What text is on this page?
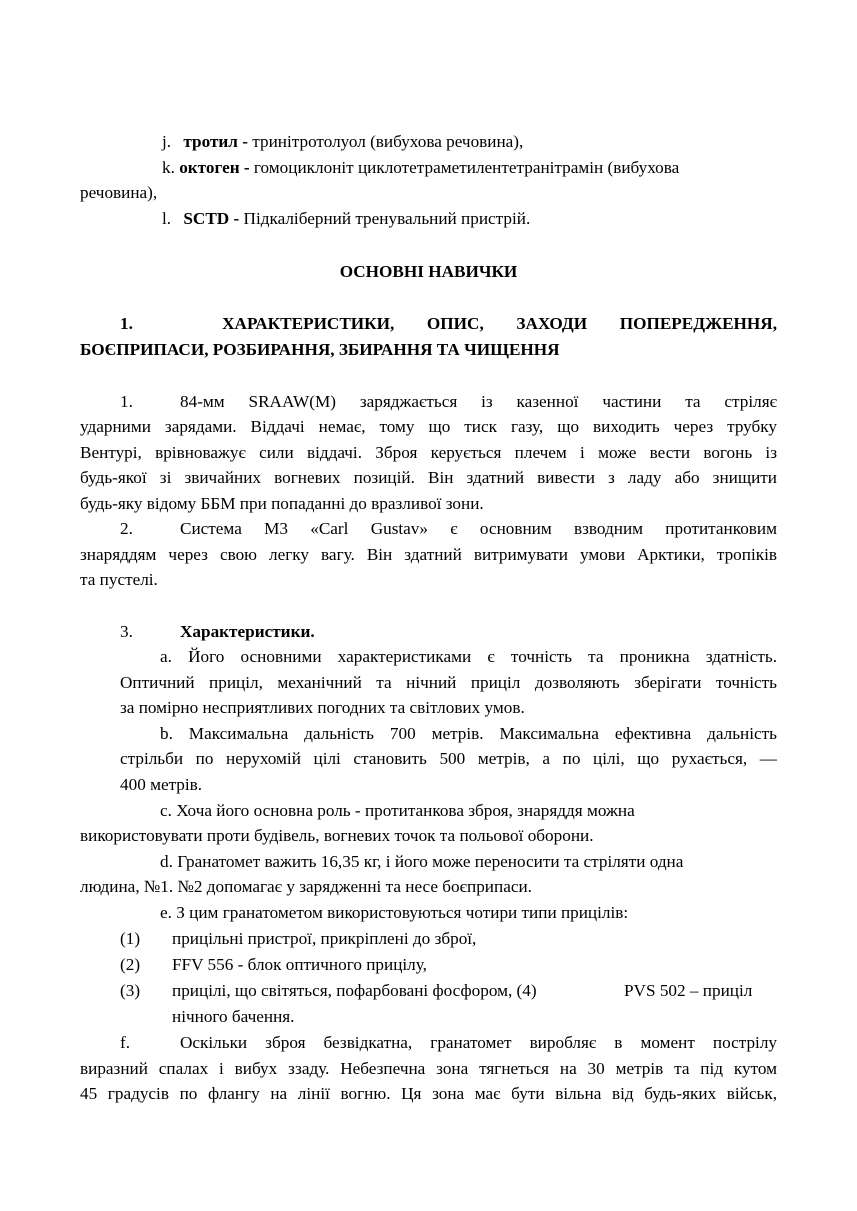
j. тротил - тринітротолуол (вибухова речовина),
k. октоген - гомоциклоніт циклотетраметилентетранітрамін (вибухова
речовина),
l. SCTD - Підкаліберний тренувальний пристрій.
ОСНОВНІ НАВИЧКИ
1.	ХАРАКТЕРИСТИКИ, ОПИС, ЗАХОДИ ПОПЕРЕДЖЕННЯ,
БОЄПРИПАСИ, РОЗБИРАННЯ, ЗБИРАННЯ ТА ЧИЩЕННЯ
1.	84-мм SRAAW(M) заряджається із казенної частини та стріляє
ударними зарядами. Віддачі немає, тому що тиск газу, що виходить через трубку
Вентурі, врівноважує сили віддачі. Зброя керується плечем і може вести вогонь із
будь-якої зі звичайних вогневих позицій. Він здатний вивести з ладу або знищити
будь-яку відому ББМ при попаданні до вразливої зони.
2.	Система М3 «Carl Gustav» є основним взводним протитанковим
знаряддям через свою легку вагу. Він здатний витримувати умови Арктики, тропіків
та пустелі.
3.	Характеристики.
a. Його основними характеристиками є точність та проникна здатність.
Оптичний приціл, механічний та нічний приціл дозволяють зберігати точність
за помірно несприятливих погодних та світлових умов.
b. Максимальна дальність 700 метрів. Максимальна ефективна дальність
стрільби по нерухомій цілі становить 500 метрів, а по цілі, що рухається, —
400 метрів.
c. Хоча його основна роль - протитанкова зброя, знаряддя можна
використовувати проти будівель, вогневих точок та польової оборони.
d. Гранатомет важить 16,35 кг, і його може переносити та стріляти одна
людина, №1. №2 допомагає у зарядженні та несе боєприпаси.
e. З цим гранатометом використовуються чотири типи прицілів:
(1) прицільні пристрої, прикріплені до зброї,
(2) FFV 556 - блок оптичного прицілу,
(3) прицілі, що світяться, пофарбовані фосфором, (4)	PVS 502 – приціл
нічного бачення.
f.	Оскільки зброя безвідкатна, гранатомет виробляє в момент пострілу
виразний спалах і вибух ззаду. Небезпечна зона тягнеться на 30 метрів та під кутом
45 градусів по флангу на лінії вогню. Ця зона має бути вільна від будь-яких військ,
